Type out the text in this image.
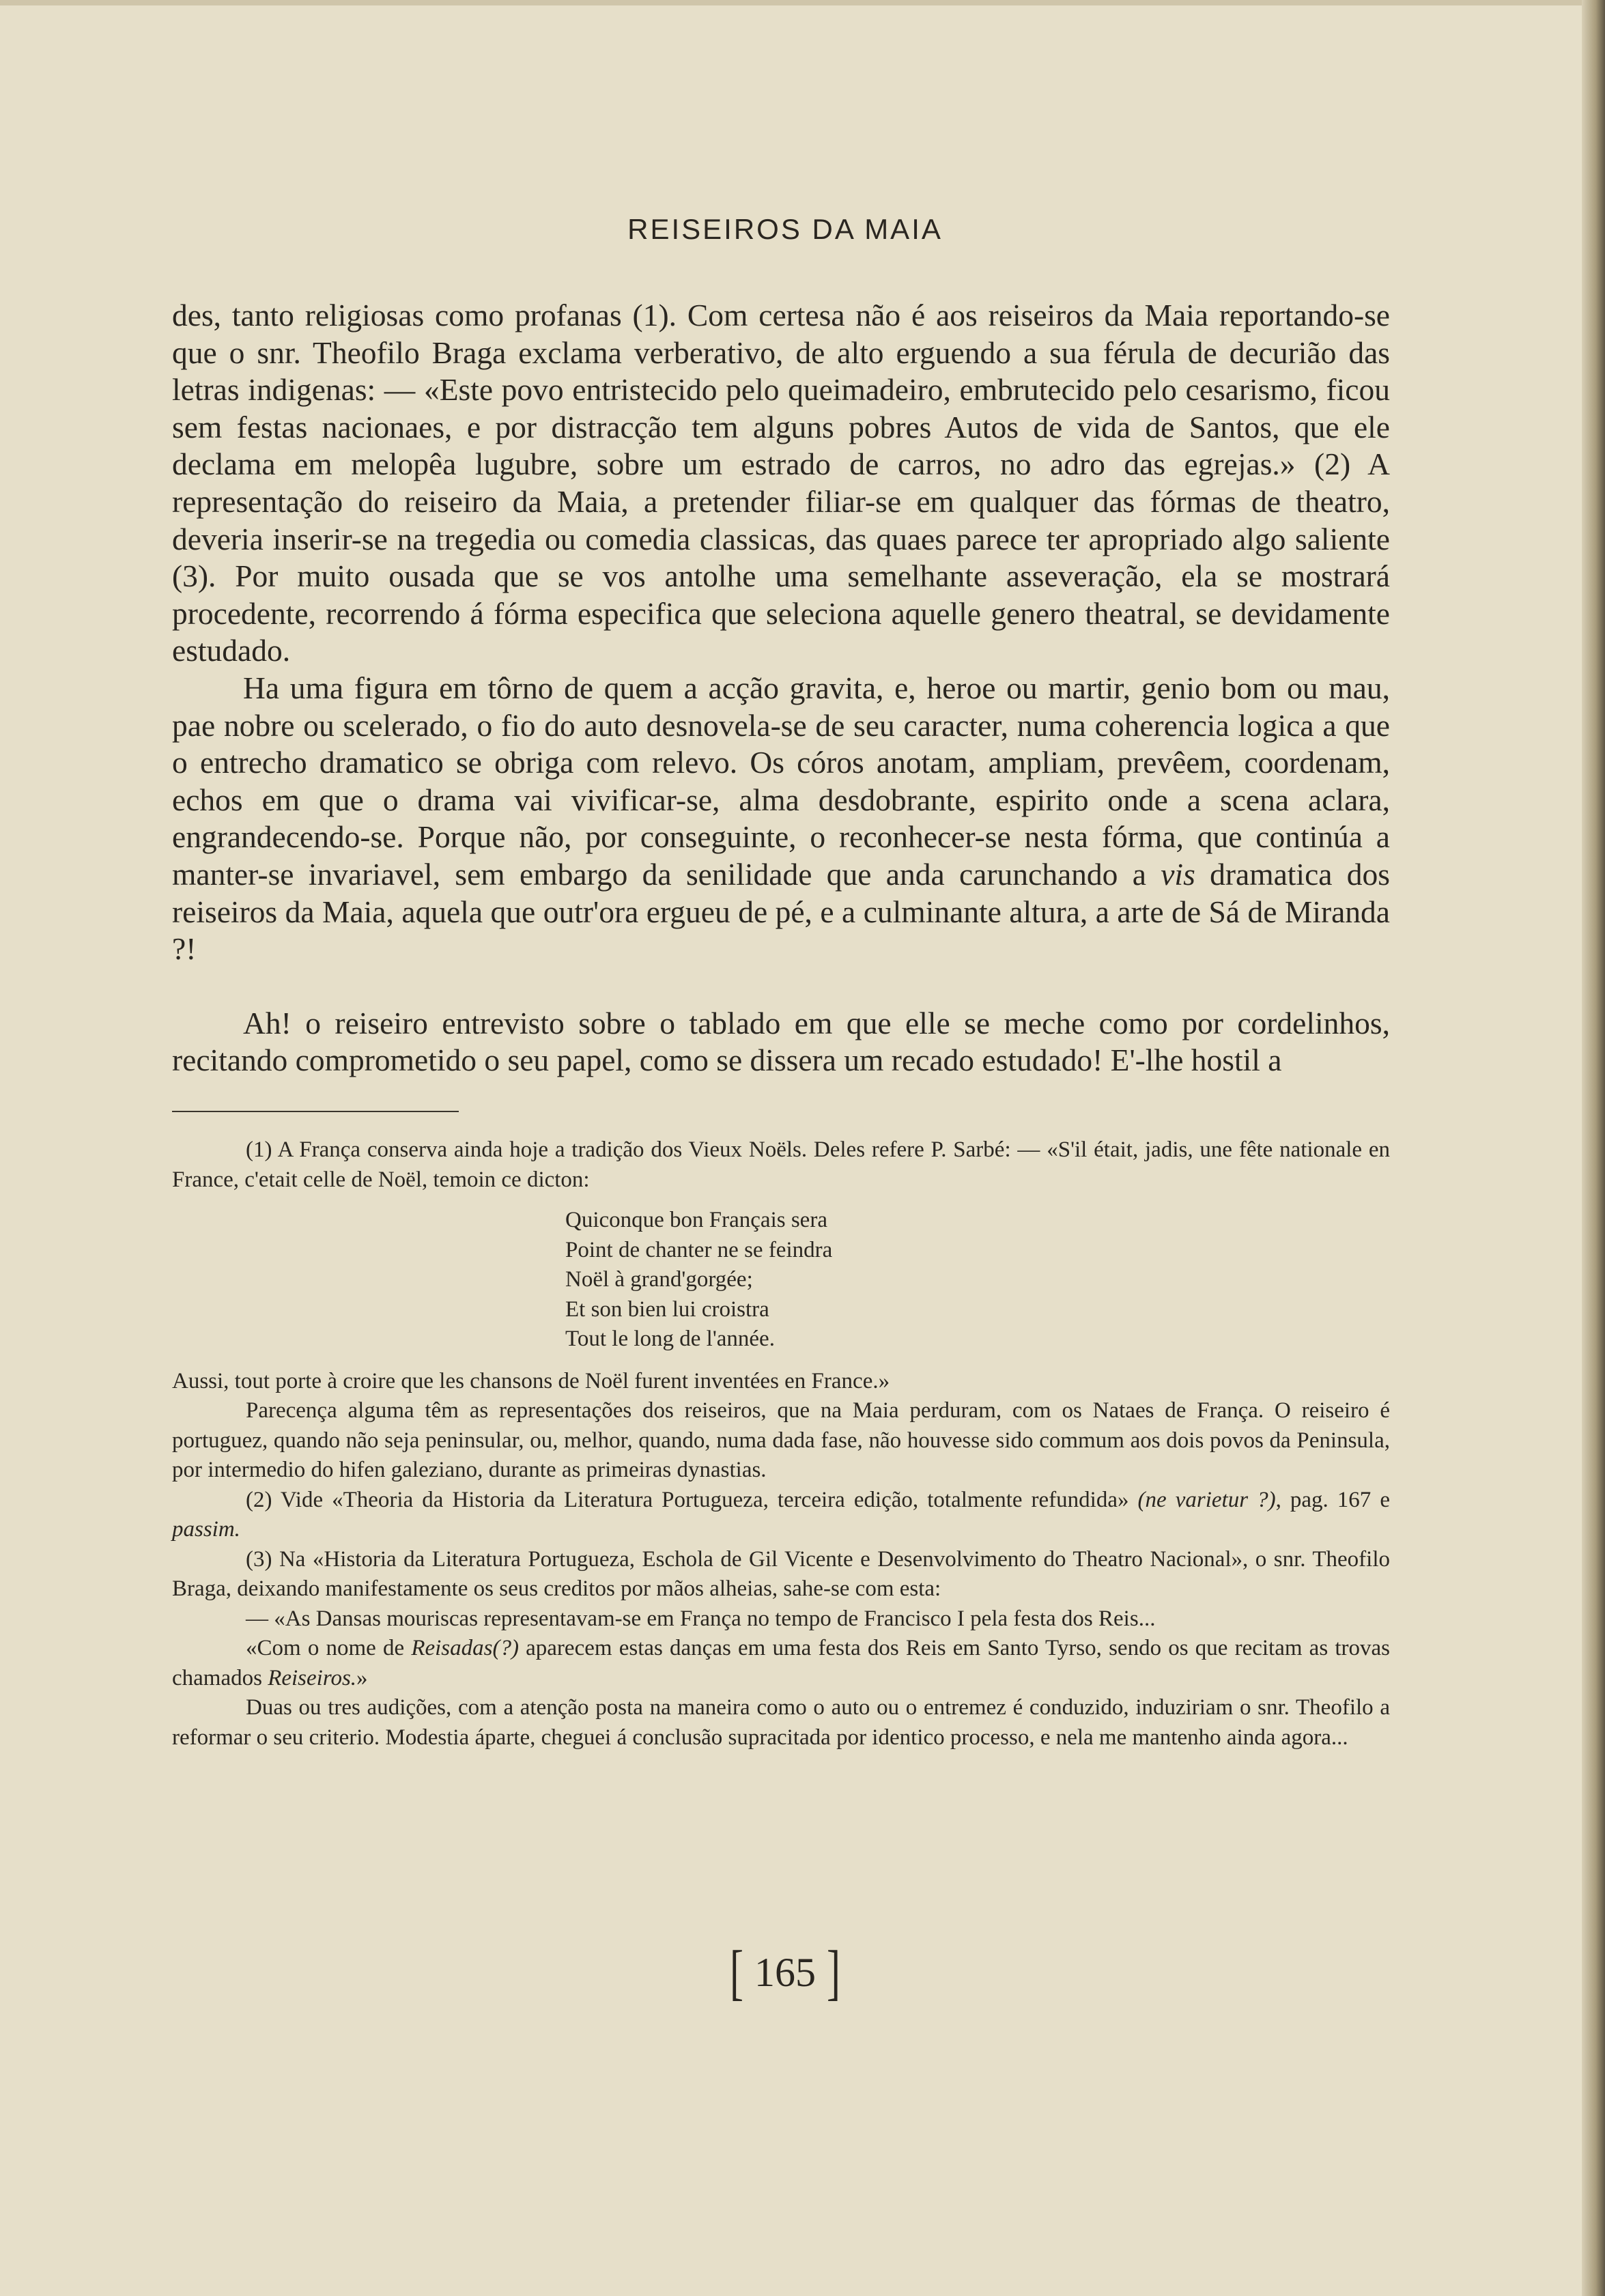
REISEIROS DA MAIA

des, tanto religiosas como profanas (1). Com certesa não é aos reiseiros da Maia reportando-se que o snr. Theofilo Braga exclama verberativo, de alto erguendo a sua férula de decurião das letras indigenas: — «Este povo entristecido pelo queimadeiro, embrutecido pelo cesarismo, ficou sem festas nacionaes, e por distracção tem alguns pobres Autos de vida de Santos, que ele declama em melopêa lugubre, sobre um estrado de carros, no adro das egrejas.» (2) A representação do reiseiro da Maia, a pretender filiar-se em qualquer das fórmas de theatro, deveria inserir-se na tregedia ou comedia classicas, das quaes parece ter apropriado algo saliente (3). Por muito ousada que se vos antolhe uma semelhante asseveração, ela se mostrará procedente, recorrendo á fórma especifica que seleciona aquelle genero theatral, se devidamente estudado.

Ha uma figura em tôrno de quem a acção gravita, e, heroe ou martir, genio bom ou mau, pae nobre ou scelerado, o fio do auto desnovela-se de seu caracter, numa coherencia logica a que o entrecho dramatico se obriga com relevo. Os córos anotam, ampliam, prevêem, coordenam, echos em que o drama vai vivificar-se, alma desdobrante, espirito onde a scena aclara, engrandecendo-se. Porque não, por conseguinte, o reconhecer-se nesta fórma, que continúa a manter-se invariavel, sem embargo da senilidade que anda carunchando a vis dramatica dos reiseiros da Maia, aquela que outr'ora ergueu de pé, e a culminante altura, a arte de Sá de Miranda ?!

Ah! o reiseiro entrevisto sobre o tablado em que elle se meche como por cordelinhos, recitando comprometido o seu papel, como se dissera um recado estudado! E'-lhe hostil a

(1) A França conserva ainda hoje a tradição dos Vieux Noëls. Deles refere P. Sarbé: — «S'il était, jadis, une fête nationale en France, c'etait celle de Noël, temoin ce dicton:

Quiconque bon Français sera
Point de chanter ne se feindra
Noël à grand'gorgée;
Et son bien lui croistra
Tout le long de l'année.

Aussi, tout porte à croire que les chansons de Noël furent inventées en France.»

Parecença alguma têm as representações dos reiseiros, que na Maia perduram, com os Nataes de França. O reiseiro é portuguez, quando não seja peninsular, ou, melhor, quando, numa dada fase, não houvesse sido commum aos dois povos da Peninsula, por intermedio do hifen galeziano, durante as primeiras dynastias.

(2) Vide «Theoria da Historia da Literatura Portugueza, terceira edição, totalmente refundida» (ne varietur ?), pag. 167 e passim.

(3) Na «Historia da Literatura Portugueza, Eschola de Gil Vicente e Desenvolvimento do Theatro Nacional», o snr. Theofilo Braga, deixando manifestamente os seus creditos por mãos alheias, sahe-se com esta:

— «As Dansas mouriscas representavam-se em França no tempo de Francisco I pela festa dos Reis...

«Com o nome de Reisadas(?) aparecem estas danças em uma festa dos Reis em Santo Tyrso, sendo os que recitam as trovas chamados Reiseiros.»

Duas ou tres audições, com a atenção posta na maneira como o auto ou o entremez é conduzido, induziriam o snr. Theofilo a reformar o seu criterio. Modestia áparte, cheguei á conclusão supracitada por identico processo, e nela me mantenho ainda agora...

[ 165 ]
